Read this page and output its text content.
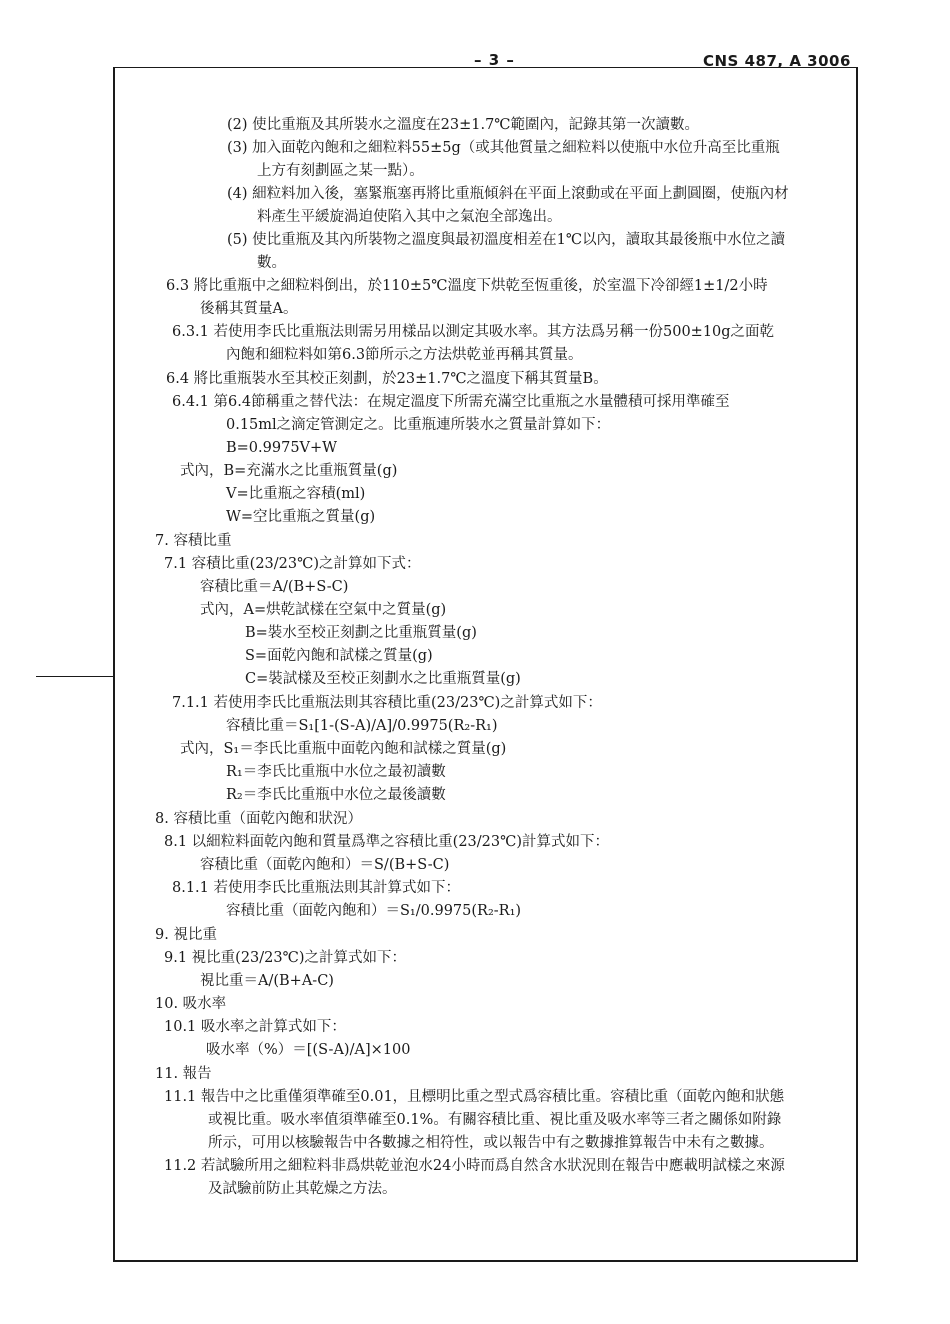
– 3 –	CNS 487, A 3006
(2) 使比重瓶及其所裝水之溫度在23±1.7℃範圍內，記錄其第一次讀數。
(3) 加入面乾內飽和之細粒料55±5g（或其他質量之細粒料以使瓶中水位升高至比重瓶
上方有刻劃區之某一點）。
(4) 細粒料加入後，塞緊瓶塞再將比重瓶傾斜在平面上滾動或在平面上劃圓圈，使瓶內材
料產生平緩旋渦迫使陷入其中之氣泡全部逸出。
(5) 使比重瓶及其內所裝物之溫度與最初溫度相差在1℃以內，讀取其最後瓶中水位之讀
數。
6.3 將比重瓶中之細粒料倒出，於110±5℃溫度下烘乾至恆重後，於室溫下冷卻經1±1/2小時
後稱其質量A。
6.3.1 若使用李氏比重瓶法則需另用樣品以測定其吸水率。其方法爲另稱一份500±10g之面乾
內飽和細粒料如第6.3節所示之方法烘乾並再稱其質量。
6.4 將比重瓶裝水至其校正刻劃，於23±1.7℃之溫度下稱其質量B。
6.4.1 第6.4節稱重之替代法：在規定溫度下所需充滿空比重瓶之水量體積可採用準確至
0.15ml之滴定管測定之。比重瓶連所裝水之質量計算如下：
B=0.9975V+W
式內，B=充滿水之比重瓶質量(g)
V=比重瓶之容積(ml)
W=空比重瓶之質量(g)
7. 容積比重
7.1 容積比重(23/23℃)之計算如下式：
容積比重＝A/(B+S-C)
式內，A=烘乾試樣在空氣中之質量(g)
B=裝水至校正刻劃之比重瓶質量(g)
S=面乾內飽和試樣之質量(g)
C=裝試樣及至校正刻劃水之比重瓶質量(g)
7.1.1 若使用李氏比重瓶法則其容積比重(23/23℃)之計算式如下：
容積比重＝S₁[1-(S-A)/A]/0.9975(R₂-R₁)
式內，S₁＝李氏比重瓶中面乾內飽和試樣之質量(g)
R₁＝李氏比重瓶中水位之最初讀數
R₂＝李氏比重瓶中水位之最後讀數
8. 容積比重（面乾內飽和狀況）
8.1 以細粒料面乾內飽和質量爲準之容積比重(23/23℃)計算式如下：
容積比重（面乾內飽和）＝S/(B+S-C)
8.1.1 若使用李氏比重瓶法則其計算式如下：
容積比重（面乾內飽和）＝S₁/0.9975(R₂-R₁)
9. 視比重
9.1 視比重(23/23℃)之計算式如下：
視比重＝A/(B+A-C)
10. 吸水率
10.1 吸水率之計算式如下：
吸水率（%）＝[(S-A)/A]×100
11. 報告
11.1 報告中之比重僅須準確至0.01，且標明比重之型式爲容積比重。容積比重（面乾內飽和狀態
或視比重。吸水率值須準確至0.1%。有關容積比重、視比重及吸水率等三者之關係如附錄
所示，可用以核驗報告中各數據之相符性，或以報告中有之數據推算報告中未有之數據。
11.2 若試驗所用之細粒料非爲烘乾並泡水24小時而爲自然含水狀況則在報告中應載明試樣之來源
及試驗前防止其乾燥之方法。
